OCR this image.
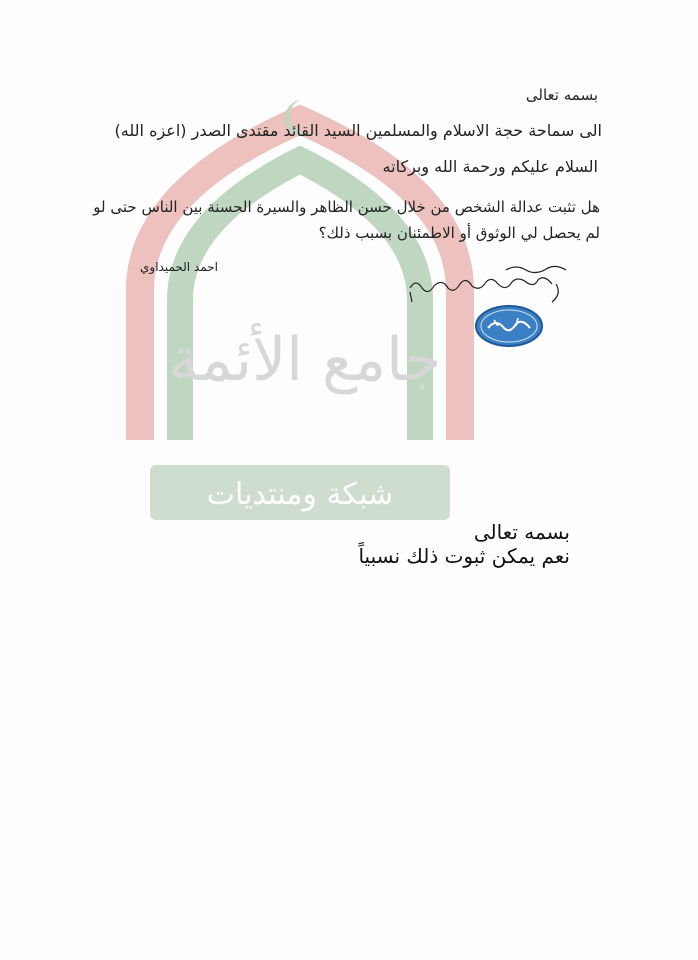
جامع الأئمة
شبكة ومنتديات
بسمه تعالى
الى سماحة حجة الاسلام والمسلمين السيد القائد مقتدى الصدر (اعزه الله)
السلام عليكم ورحمة الله وبركاته
هل تثبت عدالة الشخص من خلال حسن الظاهر والسيرة الحسنة بين الناس حتى لو
لم يحصل لي الوثوق أو الاطمئنان بسبب ذلك؟
احمد الحميداوي
بسمه تعالى
نعم يمكن ثبوت ذلك نسبياً
